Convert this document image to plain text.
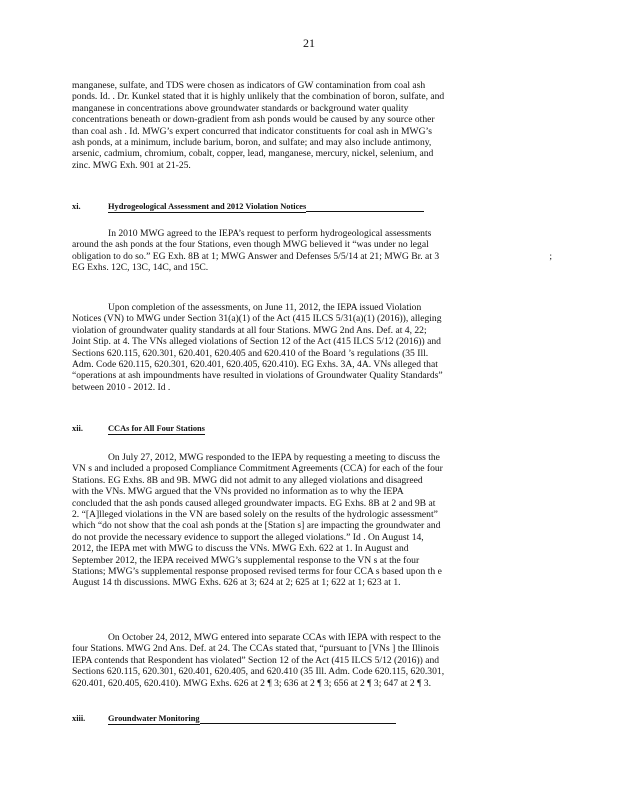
21
manganese, sulfate, and TDS were chosen as indicators of GW contamination from coal ash
ponds. Id. . Dr. Kunkel stated that it is highly unlikely that the combination of boron, sulfate, and
manganese in concentrations above groundwater standards or background water quality
concentrations beneath or down-gradient from ash ponds would be caused by any source other
than coal ash . Id. MWG’s expert concurred that indicator constituents for coal ash in MWG’s
ash ponds, at a minimum, include barium, boron, and sulfate; and may also include antimony,
arsenic, cadmium, chromium, cobalt, copper, lead, manganese, mercury, nickel, selenium, and
zinc. MWG Exh. 901 at 21-25.
xi.	Hydrogeological Assessment and 2012 Violation Notices
In 2010 MWG agreed to the IEPA’s request to perform hydrogeological assessments
around the ash ponds at the four Stations, even though MWG believed it “was under no legal
obligation to do so.” EG Exh. 8B at 1; MWG Answer and Defenses 5/5/14 at 21; MWG Br. at 3	;
EG Exhs. 12C, 13C, 14C, and 15C.
Upon completion of the assessments, on June 11, 2012, the IEPA issued Violation
Notices (VN) to MWG under Section 31(a)(1) of the Act (415 ILCS 5/31(a)(1) (2016)), alleging
violation of groundwater quality standards at all four Stations. MWG 2nd Ans. Def. at 4, 22;
Joint Stip. at 4. The VNs alleged violations of Section 12 of the Act (415 ILCS 5/12 (2016)) and
Sections 620.115, 620.301, 620.401, 620.405 and 620.410 of the Board ’s regulations (35 Ill.
Adm. Code 620.115, 620.301, 620.401, 620.405, 620.410). EG Exhs. 3A, 4A. VNs alleged that
“operations at ash impoundments have resulted in violations of Groundwater Quality Standards”
between 2010 - 2012. Id .
xii.	CCAs for All Four Stations
On July 27, 2012, MWG responded to the IEPA by requesting a meeting to discuss the
VN s and included a proposed Compliance Commitment Agreements (CCA) for each of the four
Stations. EG Exhs. 8B and 9B. MWG did not admit to any alleged violations and disagreed
with the VNs. MWG argued that the VNs provided no information as to why the IEPA
concluded that the ash ponds caused alleged groundwater impacts. EG Exhs. 8B at 2 and 9B at
2. “[A]lleged violations in the VN are based solely on the results of the hydrologic assessment”
which “do not show that the coal ash ponds at the [Station s] are impacting the groundwater and
do not provide the necessary evidence to support the alleged violations.” Id . On August 14,
2012, the IEPA met with MWG to discuss the VNs. MWG Exh. 622 at 1. In August and
September 2012, the IEPA received MWG’s supplemental response to the VN s at the four
Stations; MWG’s supplemental response proposed revised terms for four CCA s based upon th e
August 14 th discussions. MWG Exhs. 626 at 3; 624 at 2; 625 at 1; 622 at 1; 623 at 1.
On October 24, 2012, MWG entered into separate CCAs with IEPA with respect to the
four Stations. MWG 2nd Ans. Def. at 24. The CCAs stated that, “pursuant to [VNs ] the Illinois
IEPA contends that Respondent has violated” Section 12 of the Act (415 ILCS 5/12 (2016)) and
Sections 620.115, 620.301, 620.401, 620.405, and 620.410 (35 Ill. Adm. Code 620.115, 620.301,
620.401, 620.405, 620.410). MWG Exhs. 626 at 2 ¶ 3; 636 at 2 ¶ 3; 656 at 2 ¶ 3; 647 at 2 ¶ 3.
xiii.	Groundwater Monitoring
